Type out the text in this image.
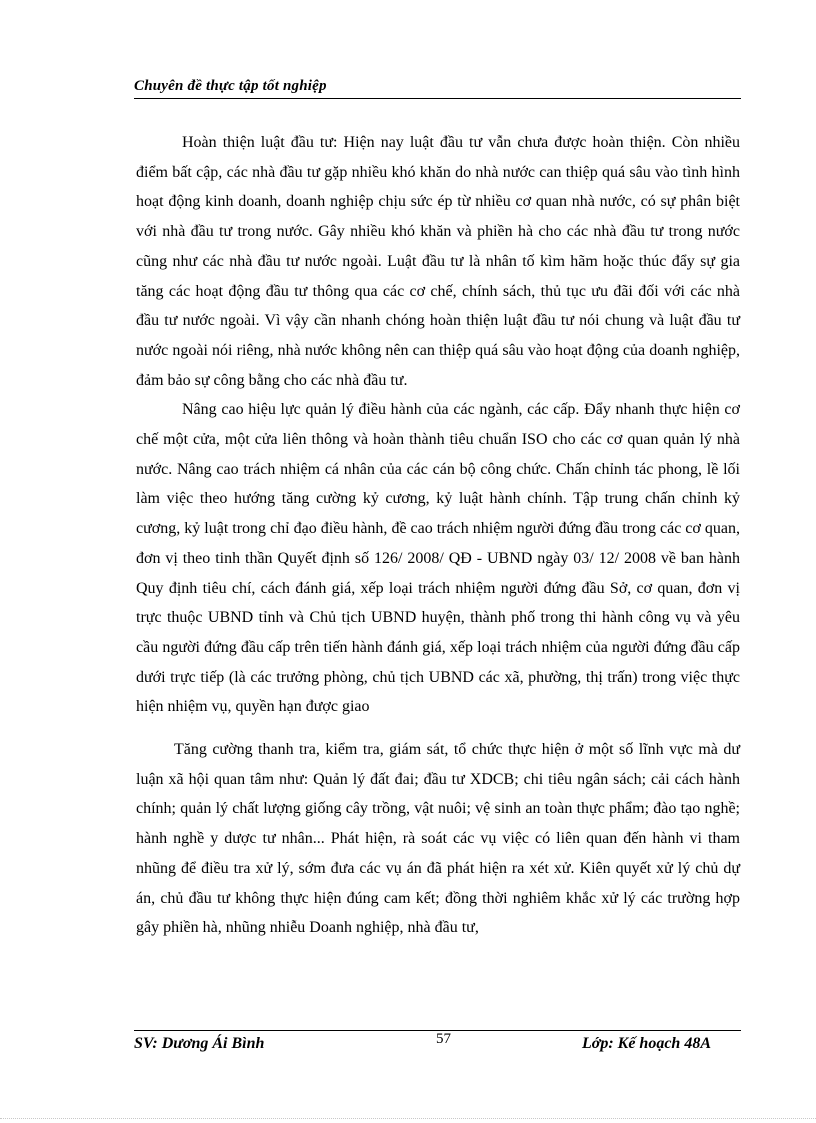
Chuyên đề thực tập tốt nghiệp

Hoàn thiện luật đầu tư: Hiện nay luật đầu tư vẫn chưa được hoàn thiện. Còn nhiều điểm bất cập, các nhà đầu tư gặp nhiều khó khăn do nhà nước can thiệp quá sâu vào tình hình hoạt động kinh doanh, doanh nghiệp chịu sức ép từ nhiều cơ quan nhà nước, có sự phân biệt với nhà đầu tư trong nước. Gây nhiều khó khăn và phiền hà cho các nhà đầu tư trong nước cũng như các nhà đầu tư nước ngoài. Luật đầu tư là nhân tố kìm hãm hoặc thúc đẩy sự gia tăng các hoạt động đầu tư thông qua các cơ chế, chính sách, thủ tục ưu đãi đối với các nhà đầu tư nước ngoài. Vì vậy cần nhanh chóng hoàn thiện luật đầu tư nói chung và luật đầu tư nước ngoài nói riêng, nhà nước không nên can thiệp quá sâu vào hoạt động của doanh nghiệp, đảm bảo sự công bằng cho các nhà đầu tư.

Nâng cao hiệu lực quản lý điều hành của các ngành, các cấp. Đẩy nhanh thực hiện cơ chế một cửa, một cửa liên thông và hoàn thành tiêu chuẩn ISO cho các cơ quan quản lý nhà nước. Nâng cao trách nhiệm cá nhân của các cán bộ công chức. Chấn chỉnh tác phong, lề lối làm việc theo hướng tăng cường kỷ cương, kỷ luật hành chính. Tập trung chấn chỉnh kỷ cương, kỷ luật trong chỉ đạo điều hành, đề cao trách nhiệm người đứng đầu trong các cơ quan, đơn vị theo tinh thần Quyết định số 126/ 2008/ QĐ - UBND ngày 03/ 12/ 2008 về ban hành Quy định tiêu chí, cách đánh giá, xếp loại trách nhiệm người đứng đầu Sở, cơ quan, đơn vị trực thuộc UBND tỉnh và Chủ tịch UBND huyện, thành phố trong thi hành công vụ và yêu cầu người đứng đầu cấp trên tiến hành đánh giá, xếp loại trách nhiệm của người đứng đầu cấp dưới trực tiếp (là các trưởng phòng, chủ tịch UBND các xã, phường, thị trấn) trong việc thực hiện nhiệm vụ, quyền hạn được giao

Tăng cường thanh tra, kiểm tra, giám sát, tổ chức thực hiện ở một số lĩnh vực mà dư luận xã hội quan tâm như: Quản lý đất đai; đầu tư XDCB; chi tiêu ngân sách; cải cách hành chính; quản lý chất lượng giống cây trồng, vật nuôi; vệ sinh an toàn thực phẩm; đào tạo nghề; hành nghề y dược tư nhân... Phát hiện, rà soát các vụ việc có liên quan đến hành vi tham nhũng để điều tra xử lý, sớm đưa các vụ án đã phát hiện ra xét xử. Kiên quyết xử lý chủ dự án, chủ đầu tư không thực hiện đúng cam kết; đồng thời nghiêm khắc xử lý các trường hợp gây phiền hà, nhũng nhiễu Doanh nghiệp, nhà đầu tư,

SV: Dương Ái Bình	57	Lớp: Kế hoạch 48A
